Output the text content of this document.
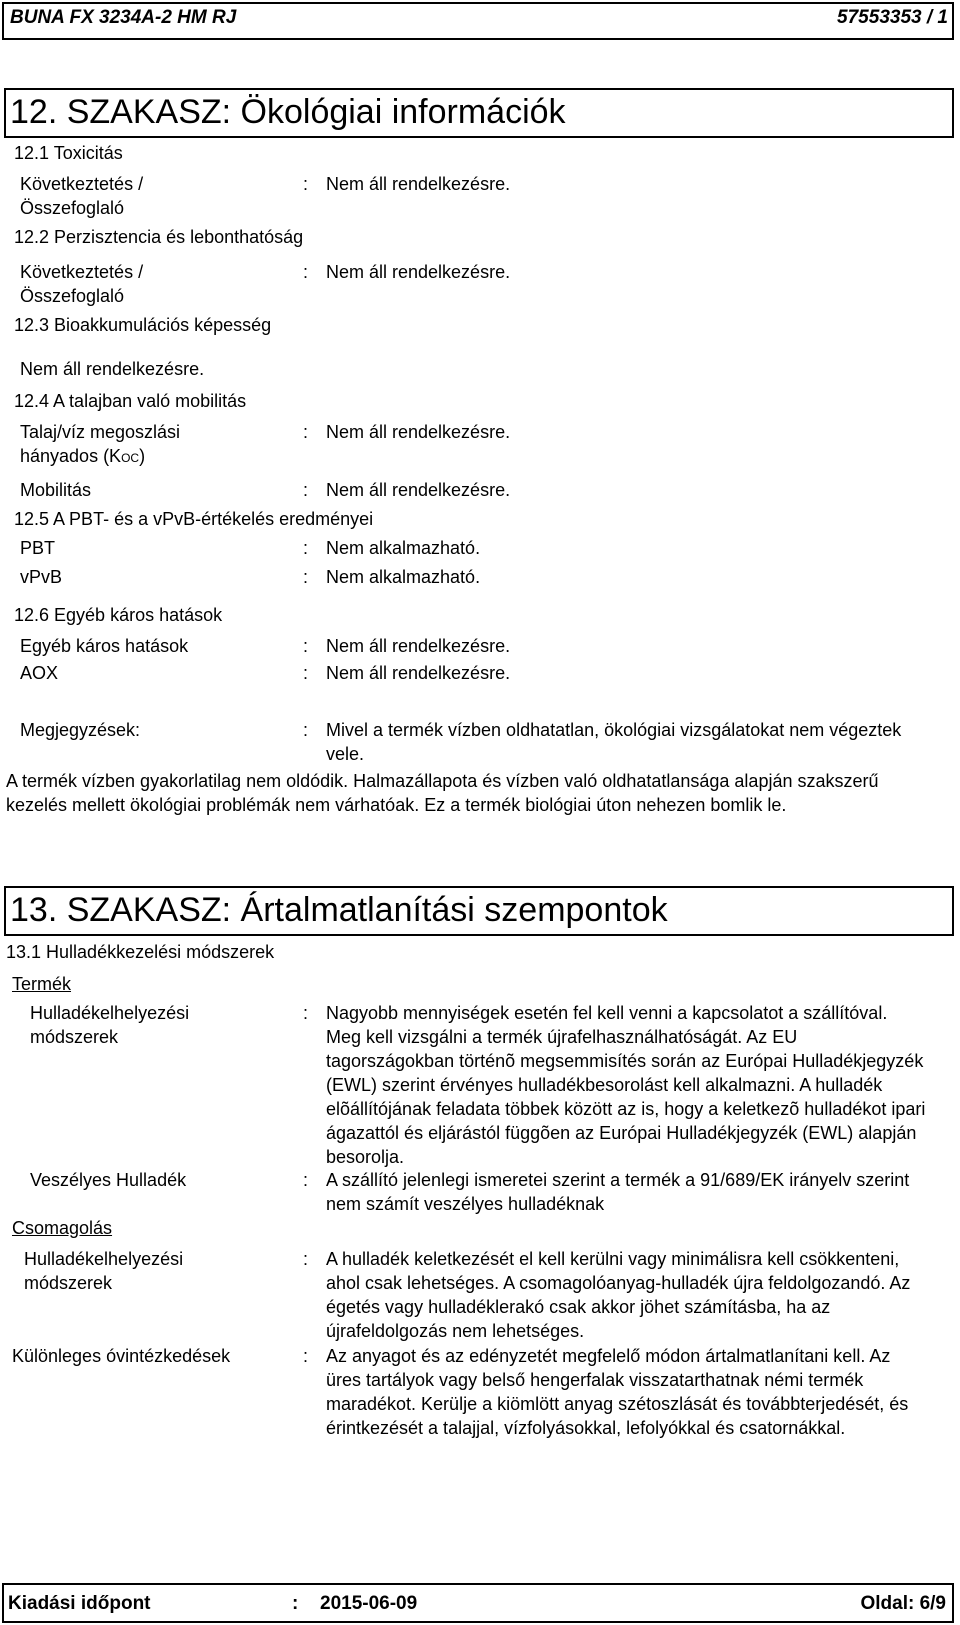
BUNA FX 3234A-2 HM RJ	57553353 / 1
12. SZAKASZ: Ökológiai információk
12.1 Toxicitás
Következtetés / Összefoglaló
: Nem áll rendelkezésre.
12.2 Perzisztencia és lebonthatóság
Következtetés / Összefoglaló
: Nem áll rendelkezésre.
12.3 Bioakkumulációs képesség
Nem áll rendelkezésre.
12.4 A talajban való mobilitás
Talaj/víz megoszlási
hányados (KOC)
: Nem áll rendelkezésre.
Mobilitás	: Nem áll rendelkezésre.
12.5 A PBT- és a vPvB-értékelés eredményei
PBT	: Nem alkalmazható.
vPvB	: Nem alkalmazható.
12.6 Egyéb káros hatások
Egyéb káros hatások	: Nem áll rendelkezésre.
AOX	: Nem áll rendelkezésre.
Megjegyzések:	: Mivel a termék vízben oldhatatlan, ökológiai vizsgálatokat nem végeztek vele.
A termék vízben gyakorlatilag nem oldódik. Halmazállapota és vízben való oldhatatlansága alapján szakszerű kezelés mellett ökológiai problémák nem várhatóak. Ez a termék biológiai úton nehezen bomlik le.
13. SZAKASZ: Ártalmatlanítási szempontok
13.1 Hulladékkezelési módszerek
Termék
Hulladékelhelyezési módszerek
: Nagyobb mennyiségek esetén fel kell venni a kapcsolatot a szállítóval. Meg kell vizsgálni a termék újrafelhasználhatóságát. Az EU tagországokban történõ megsemmisítés során az Európai Hulladékjegyzék (EWL) szerint érvényes hulladékbesorolást kell alkalmazni. A hulladék elõállítójának feladata többek között az is, hogy a keletkezõ hulladékot ipari ágazattól és eljárástól függõen az Európai Hulladékjegyzék (EWL) alapján besorolja.
Veszélyes Hulladék	: A szállító jelenlegi ismeretei szerint a termék a 91/689/EK irányelv szerint nem számít veszélyes hulladéknak
Csomagolás
Hulladékelhelyezési módszerek
: A hulladék keletkezését el kell kerülni vagy minimálisra kell csökkenteni, ahol csak lehetséges. A csomagolóanyag-hulladék újra feldolgozandó. Az égetés vagy hulladéklerakó csak akkor jöhet számításba, ha az újrafeldolgozás nem lehetséges.
Különleges óvintézkedések	: Az anyagot és az edényzetét megfelelő módon ártalmatlanítani kell. Az üres tartályok vagy belső hengerfalak visszatarthatnak némi termék maradékot. Kerülje a kiömlött anyag szétoszlását és továbbterjedését, és érintkezését a talajjal, vízfolyásokkal, lefolyókkal és csatornákkal.
Kiadási időpont	: 2015-06-09	Oldal: 6/9
